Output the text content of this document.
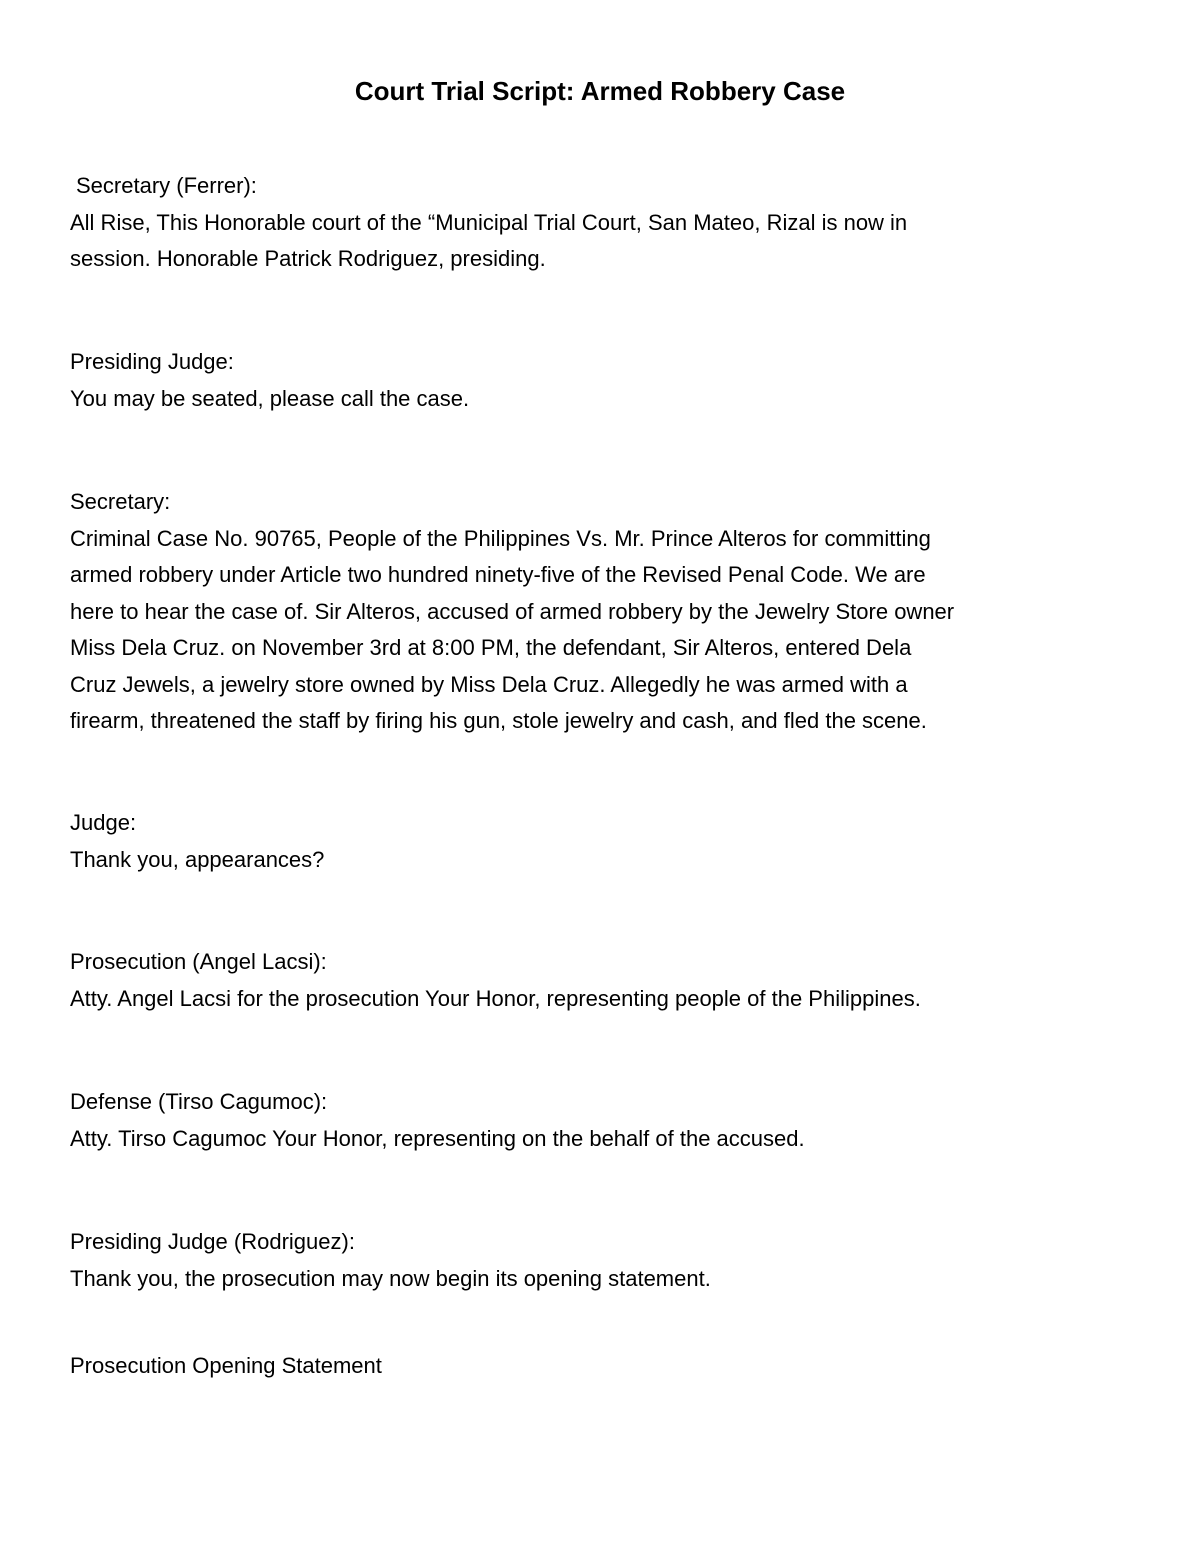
Court Trial Script: Armed Robbery Case
Secretary (Ferrer):
All Rise, This Honorable court of the “Municipal Trial Court, San Mateo, Rizal is now in
session. Honorable Patrick Rodriguez, presiding.
Presiding Judge:
You may be seated, please call the case.
Secretary:
Criminal Case No. 90765, People of the Philippines Vs. Mr. Prince Alteros for committing
armed robbery under Article two hundred ninety-five of the Revised Penal Code. We are
here to hear the case of. Sir Alteros, accused of armed robbery by the Jewelry Store owner
Miss Dela Cruz. on November 3rd at 8:00 PM, the defendant, Sir Alteros, entered Dela
Cruz Jewels, a jewelry store owned by Miss Dela Cruz. Allegedly he was armed with a
firearm, threatened the staff by firing his gun, stole jewelry and cash, and fled the scene.
Judge:
Thank you, appearances?
Prosecution (Angel Lacsi):
Atty. Angel Lacsi for the prosecution Your Honor, representing people of the Philippines.
Defense (Tirso Cagumoc):
Atty. Tirso Cagumoc Your Honor, representing on the behalf of the accused.
Presiding Judge (Rodriguez):
Thank you, the prosecution may now begin its opening statement.
Prosecution Opening Statement
